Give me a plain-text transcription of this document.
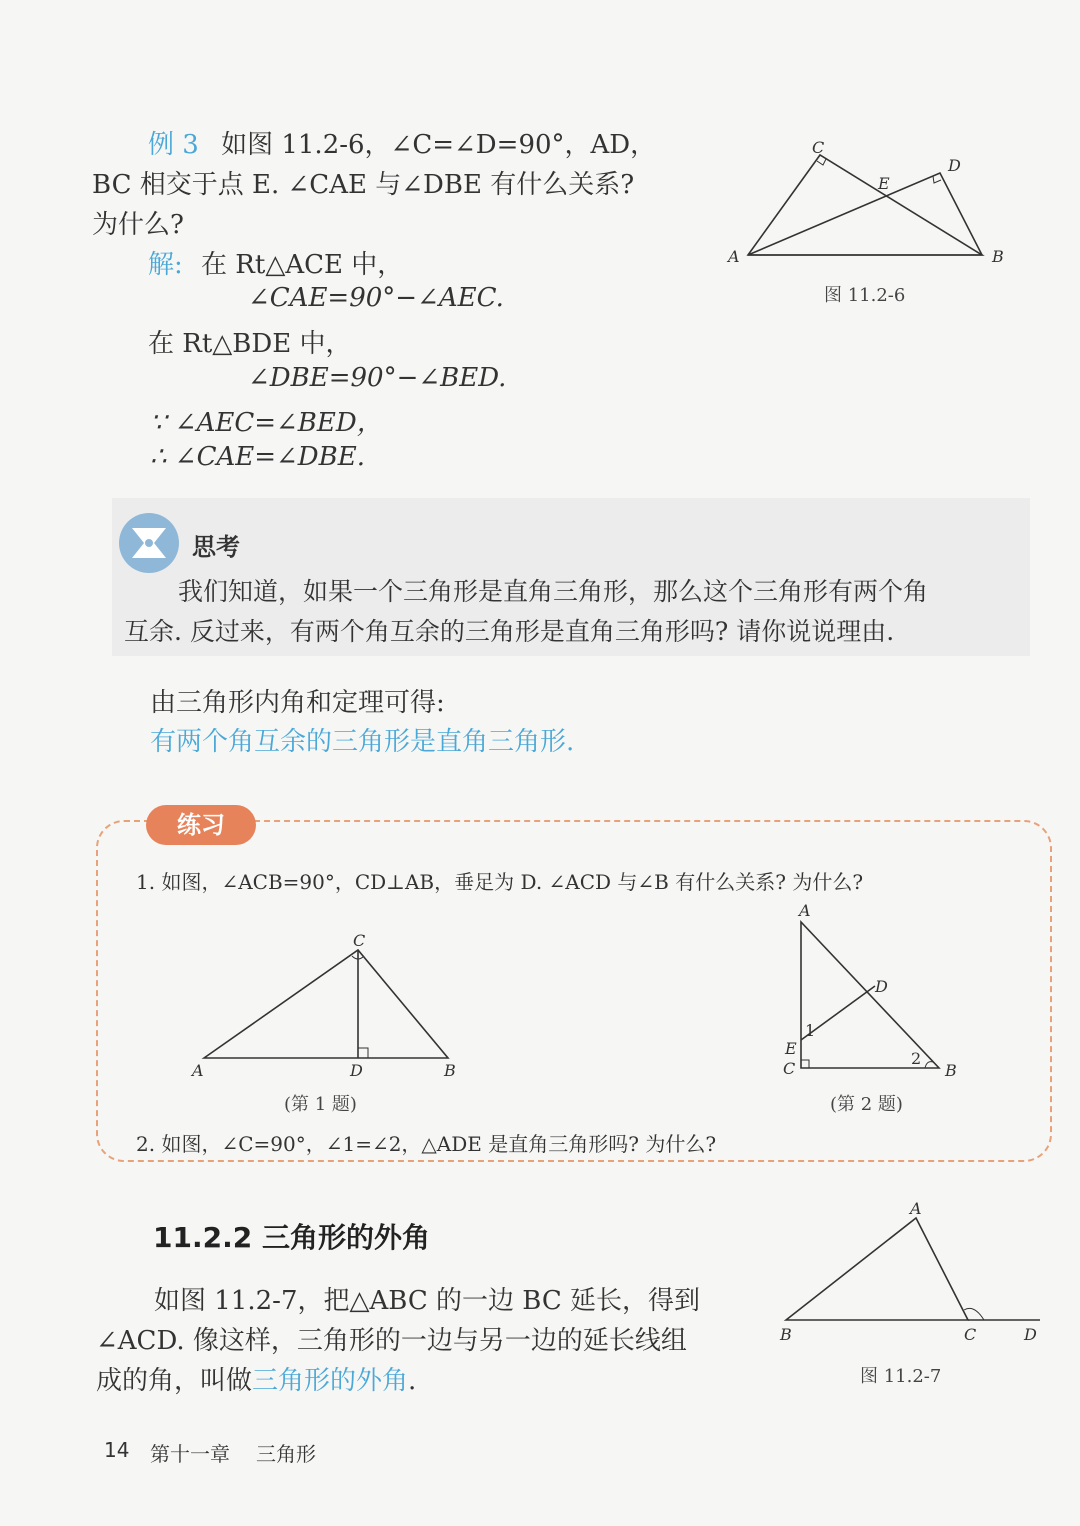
例 3 如图 11.2-6，∠C=∠D=90°，AD，
BC 相交于点 E. ∠CAE 与∠DBE 有什么关系?
为什么?
解: 在 Rt△ACE 中，
∠CAE=90°−∠AEC.
在 Rt△BDE 中，
∠DBE=90°−∠BED.
∵ ∠AEC=∠BED，
∴ ∠CAE=∠DBE.
C
D
E
A	B
图 11.2-6
思考
我们知道，如果一个三角形是直角三角形，那么这个三角形有两个角
互余. 反过来，有两个角互余的三角形是直角三角形吗? 请你说说理由.
由三角形内角和定理可得:
有两个角互余的三角形是直角三角形.
练习
1. 如图，∠ACB=90°，CD⊥AB，垂足为 D. ∠ACD 与∠B 有什么关系? 为什么?
C
A	D	B
(第 1 题)
A
D
1
E
C
2
B
(第 2 题)
2. 如图，∠C=90°，∠1=∠2，△ADE 是直角三角形吗? 为什么?
11.2.2 三角形的外角
如图 11.2-7，把△ABC 的一边 BC 延长，得到
∠ACD. 像这样，三角形的一边与另一边的延长线组
成的角，叫做三角形的外角.
A
B	C	D
图 11.2-7
14 第十一章 三角形
